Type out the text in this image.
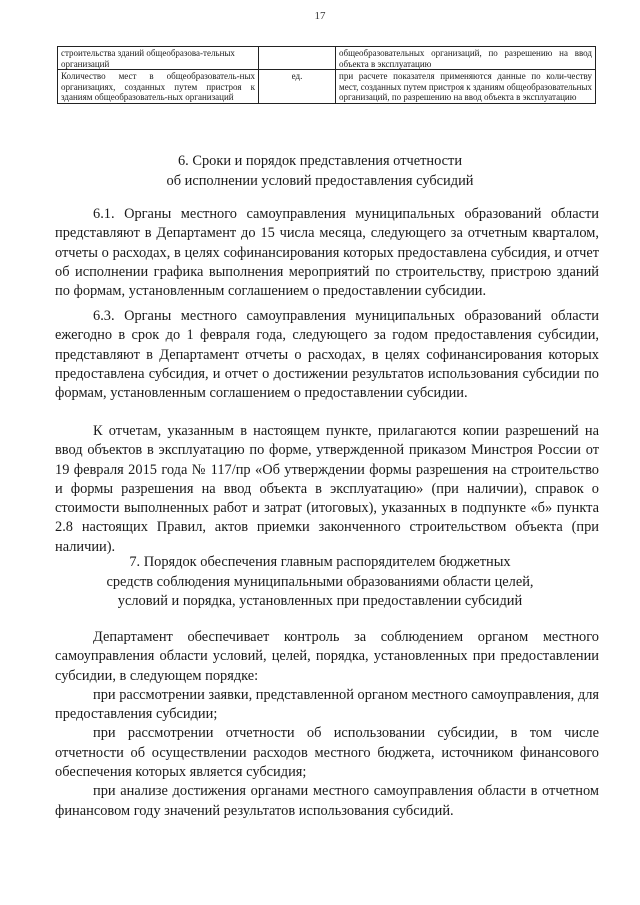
17
строительства зданий общеобразова-тельных организаций		общеобразовательных организаций, по разрешению на ввод объекта в эксплуатацию
Количество мест в общеобразователь-ных организациях, созданных путем пристроя к зданиям общеобразователь-ных организаций	ед.	при расчете показателя применяются данные по коли-честву мест, созданных путем пристроя к зданиям общеобразовательных организаций, по разрешению на ввод объекта в эксплуатацию
6. Сроки и порядок представления отчетности
об исполнении условий предоставления субсидий

6.1. Органы местного самоуправления муниципальных образований области представляют в Департамент до 15 числа месяца, следующего за отчетным кварталом, отчеты о расходах, в целях софинансирования которых предоставлена субсидия, и отчет об исполнении графика выполнения мероприятий по строительству, пристрою зданий по формам, установленным соглашением о предоставлении субсидии.

6.3. Органы местного самоуправления муниципальных образований области ежегодно в срок до 1 февраля года, следующего за годом предоставления субсидии, представляют в Департамент отчеты о расходах, в целях софинансирования которых предоставлена субсидия, и отчет о достижении результатов использования субсидии по формам, установленным соглашением о предоставлении субсидии.

К отчетам, указанным в настоящем пункте, прилагаются копии разрешений на ввод объектов в эксплуатацию по форме, утвержденной приказом Минстроя России от 19 февраля 2015 года № 117/пр «Об утверждении формы разрешения на строительство и формы разрешения на ввод объекта в эксплуатацию» (при наличии), справок о стоимости выполненных работ и затрат (итоговых), указанных в подпункте «б» пункта 2.8 настоящих Правил, актов приемки законченного строительством объекта (при наличии).

7. Порядок обеспечения главным распорядителем бюджетных
средств соблюдения муниципальными образованиями области целей,
условий и порядка, установленных при предоставлении субсидий

Департамент обеспечивает контроль за соблюдением органом местного самоуправления области условий, целей, порядка, установленных при предоставлении субсидии, в следующем порядке:

при рассмотрении заявки, представленной органом местного самоуправления, для предоставления субсидии;

при рассмотрении отчетности об использовании субсидии, в том числе отчетности об осуществлении расходов местного бюджета, источником финансового обеспечения которых является субсидия;

при анализе достижения органами местного самоуправления области в отчетном финансовом году значений результатов использования субсидий.
